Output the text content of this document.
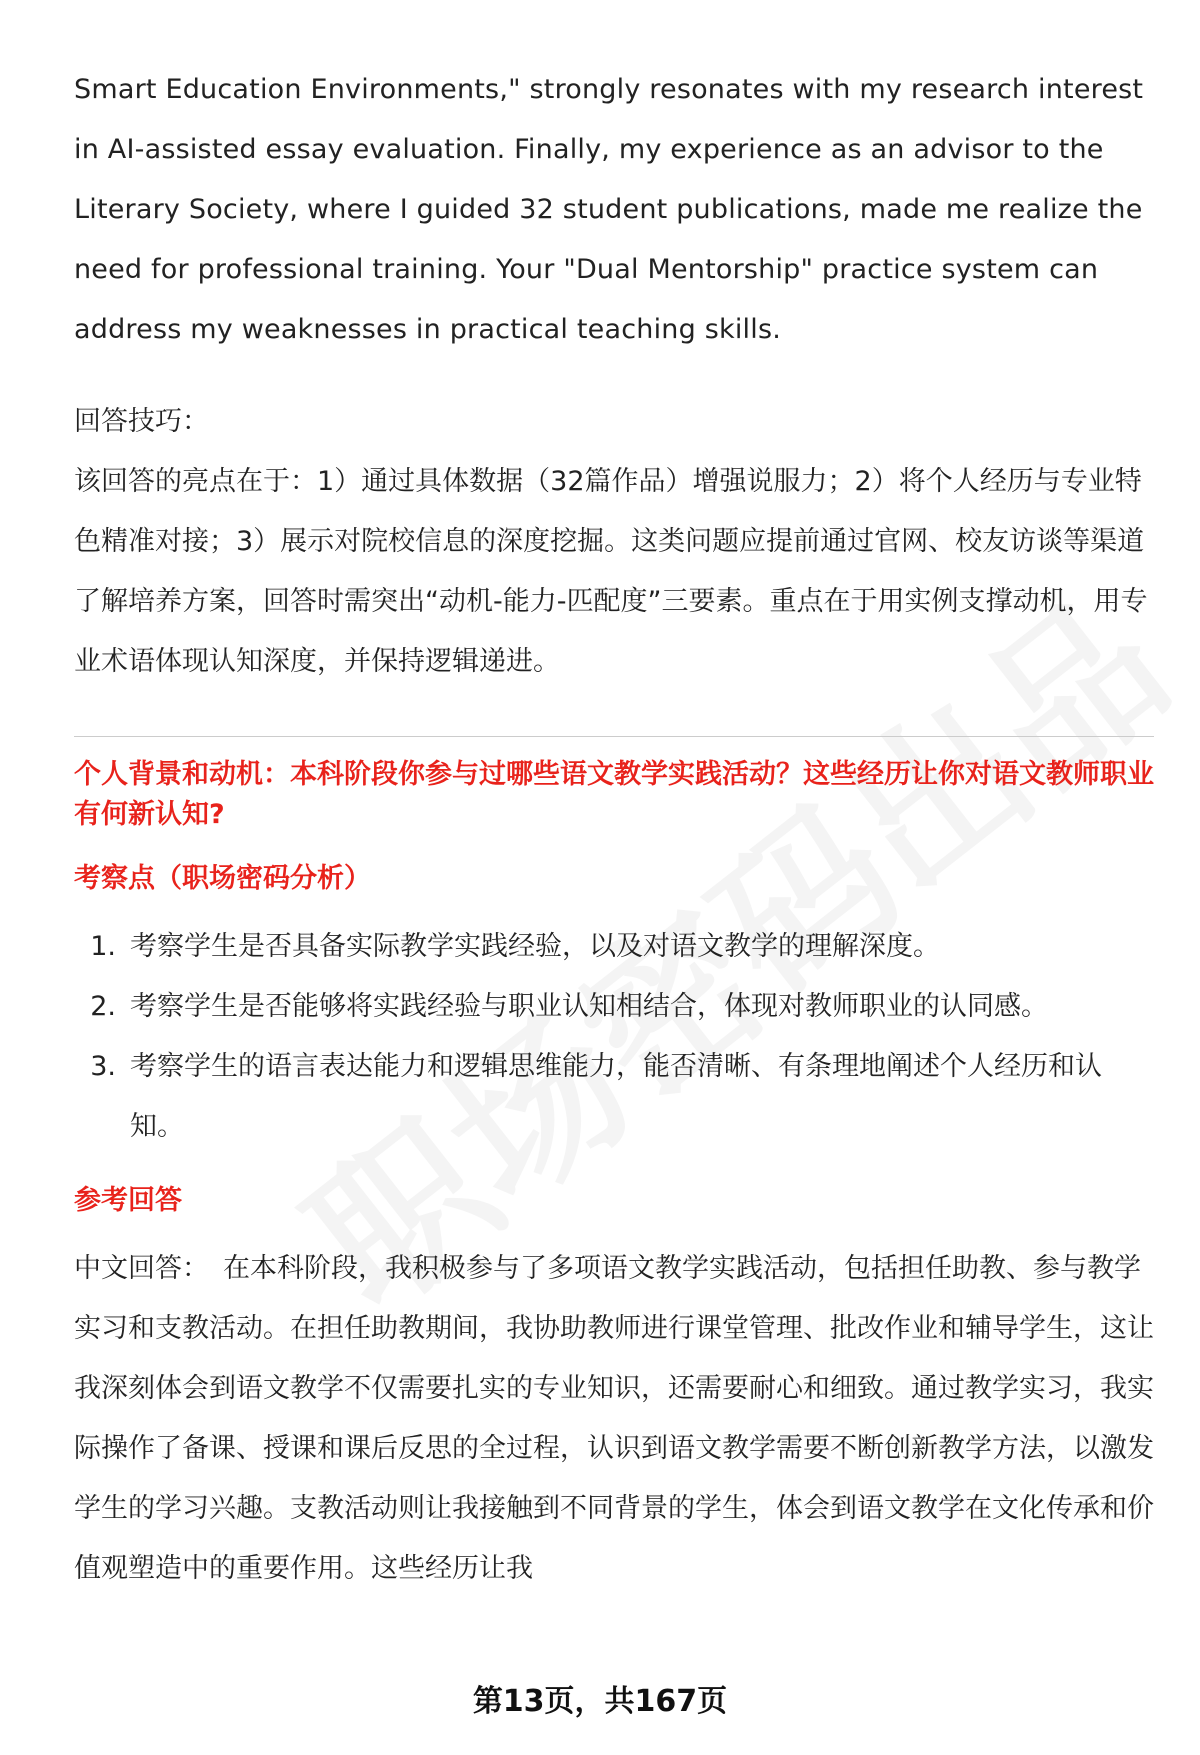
Smart Education Environments," strongly resonates with my research interest in AI-assisted essay evaluation. Finally, my experience as an advisor to the Literary Society, where I guided 32 student publications, made me realize the need for professional training. Your "Dual Mentorship" practice system can address my weaknesses in practical teaching skills.

回答技巧：

该回答的亮点在于：1）通过具体数据（32篇作品）增强说服力；2）将个人经历与专业特色精准对接；3）展示对院校信息的深度挖掘。这类问题应提前通过官网、校友访谈等渠道了解培养方案，回答时需突出“动机-能力-匹配度”三要素。重点在于用实例支撑动机，用专业术语体现认知深度，并保持逻辑递进。

个人背景和动机：本科阶段你参与过哪些语文教学实践活动？这些经历让你对语文教师职业有何新认知?

考察点（职场密码分析）

1. 考察学生是否具备实际教学实践经验，以及对语文教学的理解深度。
2. 考察学生是否能够将实践经验与职业认知相结合，体现对教师职业的认同感。
3. 考察学生的语言表达能力和逻辑思维能力，能否清晰、有条理地阐述个人经历和认知。

参考回答

中文回答： 在本科阶段，我积极参与了多项语文教学实践活动，包括担任助教、参与教学实习和支教活动。在担任助教期间，我协助教师进行课堂管理、批改作业和辅导学生，这让我深刻体会到语文教学不仅需要扎实的专业知识，还需要耐心和细致。通过教学实习，我实际操作了备课、授课和课后反思的全过程，认识到语文教学需要不断创新教学方法，以激发学生的学习兴趣。支教活动则让我接触到不同背景的学生，体会到语文教学在文化传承和价值观塑造中的重要作用。这些经历让我

第13页，共167页
